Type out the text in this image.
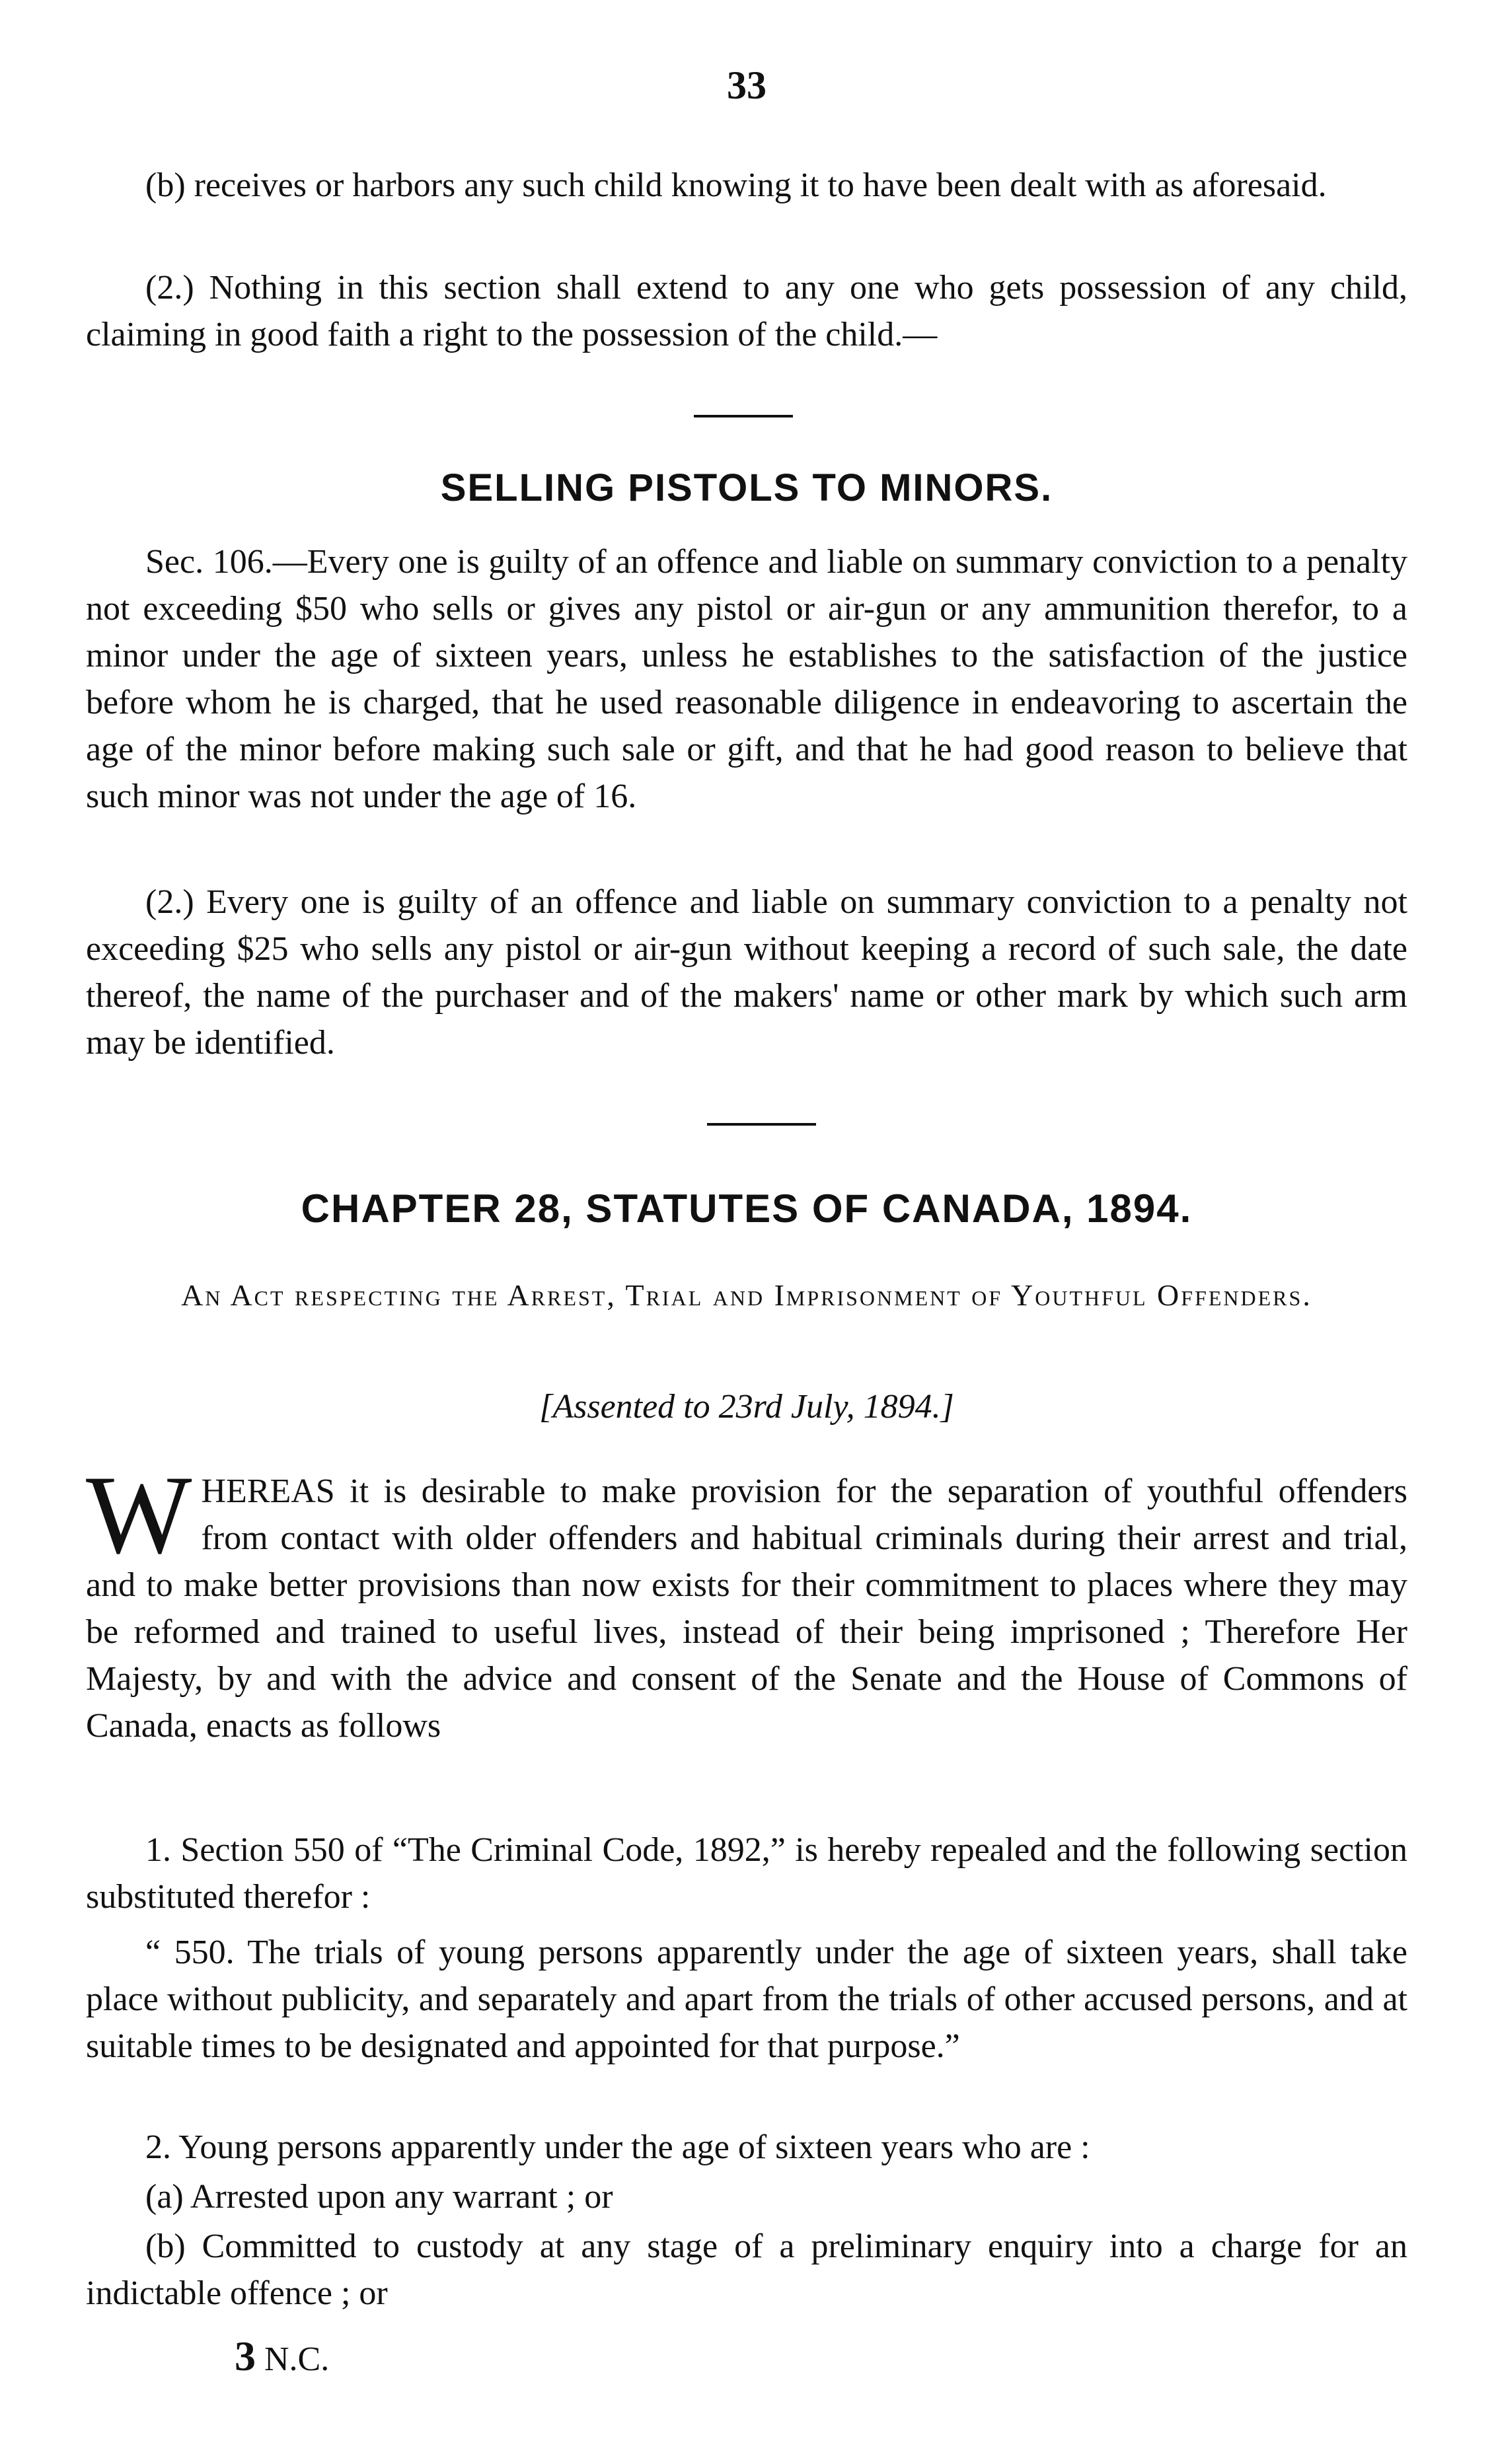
33

(b) receives or harbors any such child knowing it to have been dealt with as aforesaid.

(2.) Nothing in this section shall extend to any one who gets possession of any child, claiming in good faith a right to the possession of the child.—

SELLING PISTOLS TO MINORS.

Sec. 106.—Every one is guilty of an offence and liable on summary conviction to a penalty not exceeding $50 who sells or gives any pistol or air-gun or any ammunition therefor, to a minor under the age of sixteen years, unless he establishes to the satisfaction of the justice before whom he is charged, that he used reasonable diligence in endeavoring to ascertain the age of the minor before making such sale or gift, and that he had good reason to believe that such minor was not under the age of 16.

(2.) Every one is guilty of an offence and liable on summary conviction to a penalty not exceeding $25 who sells any pistol or air-gun without keeping a record of such sale, the date thereof, the name of the purchaser and of the makers' name or other mark by which such arm may be identified.

CHAPTER 28, STATUTES OF CANADA, 1894.
An Act respecting the Arrest, Trial and Imprisonment of Youthful Offenders.
[Assented to 23rd July, 1894.]

WHEREAS it is desirable to make provision for the separation of youthful offenders from contact with older offenders and habitual criminals during their arrest and trial, and to make better provisions than now exists for their commitment to places where they may be reformed and trained to useful lives, instead of their being imprisoned ; Therefore Her Majesty, by and with the advice and consent of the Senate and the House of Commons of Canada, enacts as follows

1. Section 550 of “The Criminal Code, 1892,” is hereby repealed and the following section substituted therefor :

“ 550. The trials of young persons apparently under the age of sixteen years, shall take place without publicity, and separately and apart from the trials of other accused persons, and at suitable times to be designated and appointed for that purpose.”

2. Young persons apparently under the age of sixteen years who are :

(a) Arrested upon any warrant ; or

(b) Committed to custody at any stage of a preliminary enquiry into a charge for an indictable offence ; or

3 N.C.
